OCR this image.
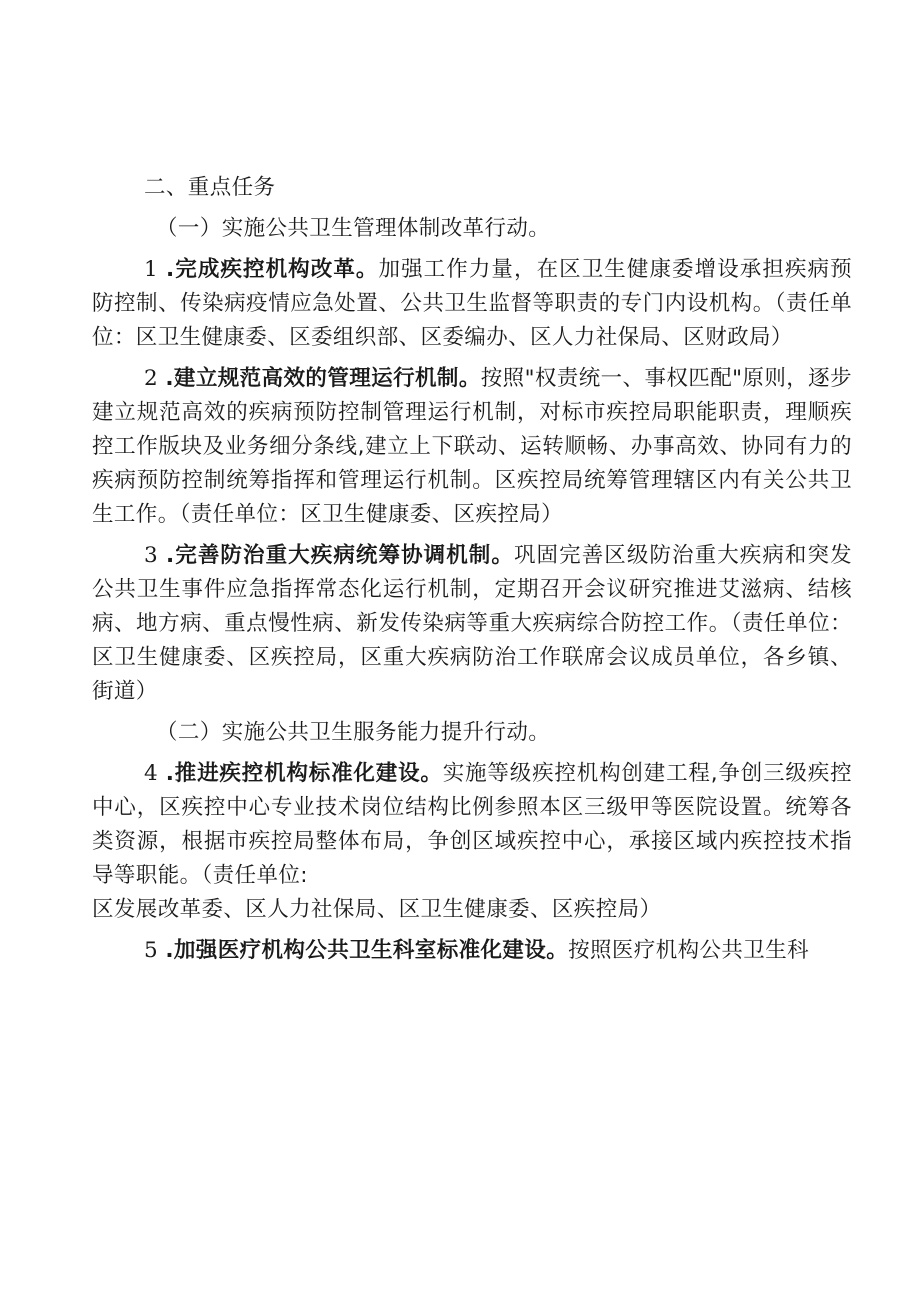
二、重点任务

（一）实施公共卫生管理体制改革行动。

1 .完成疾控机构改革。加强工作力量，在区卫生健康委增设承担疾病预防控制、传染病疫情应急处置、公共卫生监督等职责的专门内设机构。（责任单位：区卫生健康委、区委组织部、区委编办、区人力社保局、区财政局）

2 .建立规范高效的管理运行机制。按照"权责统一、事权匹配"原则，逐步建立规范高效的疾病预防控制管理运行机制，对标市疾控局职能职责，理顺疾控工作版块及业务细分条线,建立上下联动、运转顺畅、办事高效、协同有力的疾病预防控制统筹指挥和管理运行机制。区疾控局统筹管理辖区内有关公共卫生工作。（责任单位：区卫生健康委、区疾控局）

3 .完善防治重大疾病统筹协调机制。巩固完善区级防治重大疾病和突发公共卫生事件应急指挥常态化运行机制，定期召开会议研究推进艾滋病、结核病、地方病、重点慢性病、新发传染病等重大疾病综合防控工作。（责任单位：区卫生健康委、区疾控局，区重大疾病防治工作联席会议成员单位，各乡镇、街道）

（二）实施公共卫生服务能力提升行动。

4 .推进疾控机构标准化建设。实施等级疾控机构创建工程,争创三级疾控中心，区疾控中心专业技术岗位结构比例参照本区三级甲等医院设置。统筹各类资源，根据市疾控局整体布局，争创区域疾控中心，承接区域内疾控技术指导等职能。（责任单位:

区发展改革委、区人力社保局、区卫生健康委、区疾控局）

5 .加强医疗机构公共卫生科室标准化建设。按照医疗机构公共卫生科
